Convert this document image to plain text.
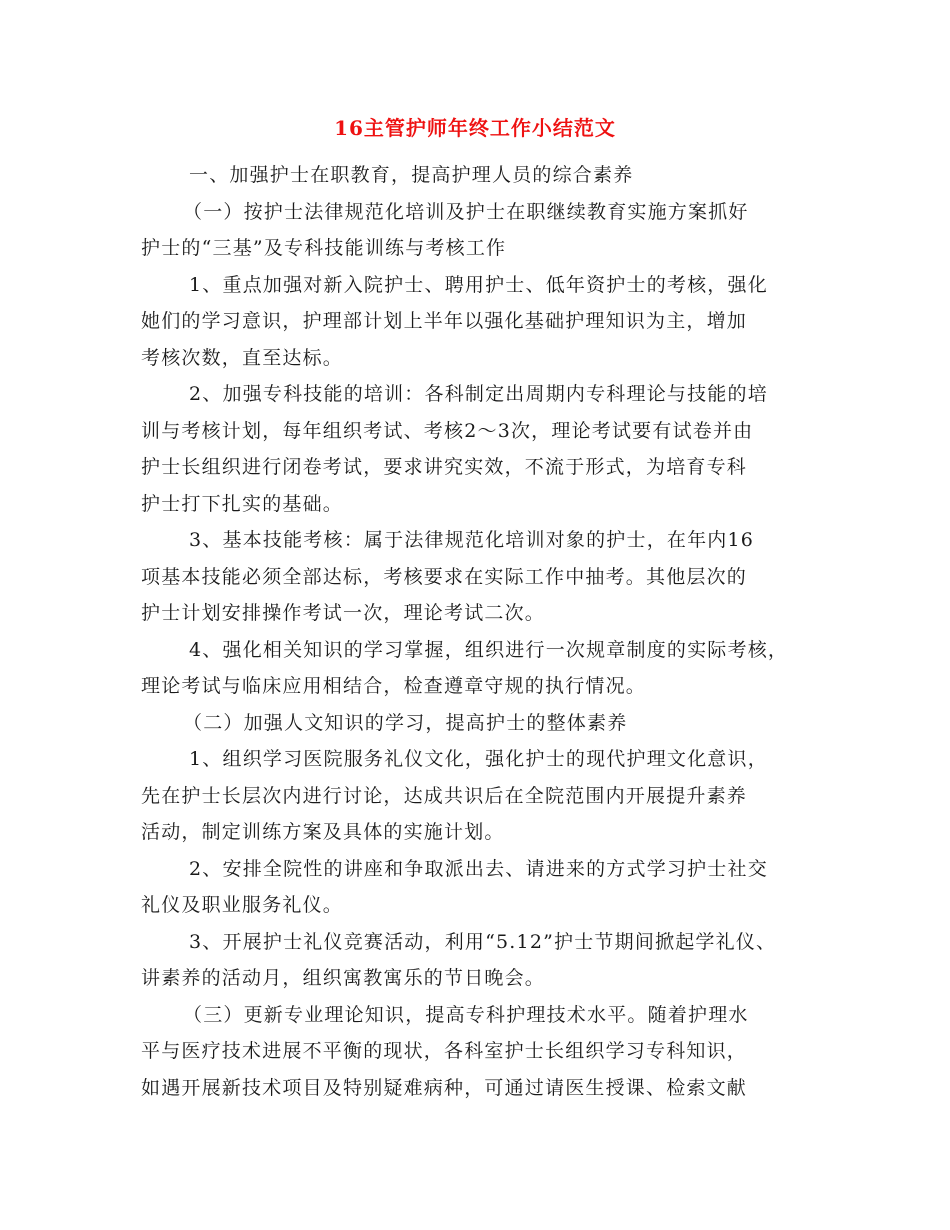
16主管护师年终工作小结范文
一、加强护士在职教育，提高护理人员的综合素养
（一）按护士法律规范化培训及护士在职继续教育实施方案抓好
护士的“三基”及专科技能训练与考核工作
1、重点加强对新入院护士、聘用护士、低年资护士的考核，强化
她们的学习意识，护理部计划上半年以强化基础护理知识为主，增加
考核次数，直至达标。
2、加强专科技能的培训：各科制定出周期内专科理论与技能的培
训与考核计划，每年组织考试、考核2～3次，理论考试要有试卷并由
护士长组织进行闭卷考试，要求讲究实效，不流于形式，为培育专科
护士打下扎实的基础。
3、基本技能考核：属于法律规范化培训对象的护士，在年内16
项基本技能必须全部达标，考核要求在实际工作中抽考。其他层次的
护士计划安排操作考试一次，理论考试二次。
4、强化相关知识的学习掌握，组织进行一次规章制度的实际考核，
理论考试与临床应用相结合，检查遵章守规的执行情况。
（二）加强人文知识的学习，提高护士的整体素养
1、组织学习医院服务礼仪文化，强化护士的现代护理文化意识，
先在护士长层次内进行讨论，达成共识后在全院范围内开展提升素养
活动，制定训练方案及具体的实施计划。
2、安排全院性的讲座和争取派出去、请进来的方式学习护士社交
礼仪及职业服务礼仪。
3、开展护士礼仪竞赛活动，利用“5.12”护士节期间掀起学礼仪、
讲素养的活动月，组织寓教寓乐的节日晚会。
（三）更新专业理论知识，提高专科护理技术水平。随着护理水
平与医疗技术进展不平衡的现状，各科室护士长组织学习专科知识，
如遇开展新技术项目及特别疑难病种，可通过请医生授课、检索文献
